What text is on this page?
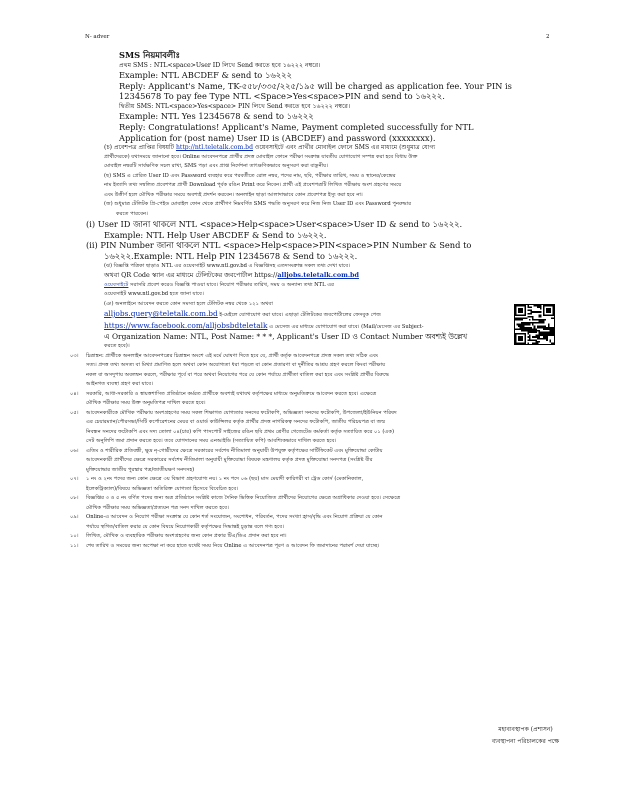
N- adver	2
SMS নিয়মাবলীঃ
প্রথম SMS : NTL<space>User ID লিখে Send করতে হবে ১৬২২২ নম্বরে।
Example: NTL ABCDEF & send to ১৬২২২
Reply: Applicant's Name, TK-৫৫৮/৩৩৫/২২৫/১৯৫ will be charged as application fee. Your PIN is
12345678 To pay fee Type NTL <Space>Yes<space>PIN and send to ১৬২২২.
দ্বিতীয় SMS: NTL<space>Yes<space> PIN লিখে Send করতে হবে ১৬২২২ নম্বরে।
Example: NTL Yes 12345678 & send to ১৬২২২
Reply: Congratulations! Applicant's Name, Payment completed successfully for NTL
Application for (post name) User ID is (ABCDEF) and password (xxxxxxxx).
(চ) প্রবেশপত্র প্রাপ্তির বিষয়টি http://ntl.teletalk.com.bd ওয়েবসাইটে এবং প্রার্থীর মোবাইল ফোনে SMS এর মাধ্যমে (শুধুমাত্র যোগ্য
প্রার্থীদেরকে) যথাসময়ে জানানো হবে। Online আবেদনপত্রে প্রার্থীর প্রদত্ত মোবাইল ফোনে পরীক্ষা সংক্রান্ত যাবতীয় যোগাযোগ সম্পন্ন করা হবে বিধায় উক্ত
মোবাইল নম্বরটি সার্বক্ষণিক সচল রাখা, SMS পড়া এবং প্রাপ্ত নির্দেশনা তাৎক্ষণিকভাবে অনুসরণ করা বাঞ্ছনীয়।
(ছ) SMS এ প্রেরিত User ID এবং Password ব্যবহার করে পরবর্তীতে রোল নম্বর, পদের নাম, ছবি, পরীক্ষার তারিখ, সময় ও স্থানের/কেন্দ্রের
নাম ইত্যাদি তথ্য সম্বলিত প্রবেশপত্র প্রার্থী Download পূর্বক রঙিন Print করে নিবেন। প্রার্থী এই প্রবেশপত্রটি লিখিত পরীক্ষায় অংশ গ্রহণের সময়ে
এবং উত্তীর্ণ হলে মৌখিক পরীক্ষার সময়ে অবশ্যই প্রদর্শন করবেন। অনলাইন ছাড়া আলাদাভাবে কোন প্রবেশপত্র ইস্যু করা হবে না।
(জ) শুধুমাত্র টেলিটক প্রি-পেইড মোবাইল ফোন থেকে প্রার্থীগণ নিম্নবর্ণিত SMS পদ্ধতি অনুসরণ করে নিজ নিজ User ID এবং Password পুনরুদ্ধার
করতে পারবেন।
(i) User ID জানা থাকলে NTL <space>Help<space>User<space>User ID & send to ১৬২২২.
Example: NTL Help User ABCDEF & Send to ১৬২২২.
(ii) PIN Number জানা থাকলে NTL <space>Help<space>PIN<space>PIN Number & Send to
১৬২২২.Example: NTL Help PIN 12345678 & Send to ১৬২২২.
(ঝ) বিজ্ঞপ্তি পত্রিকা ছাড়াও NTL এর ওয়েবসাইট www.ntl.gov.bd এ বিজ্ঞপ্তিসহ এতদসংক্রান্ত সকল তথ্য দেখা যাবে।
অথবা QR Code স্ক্যান এর মাধ্যমে টেলিটকের জবপোর্টাল https://alljobs.teletalk.com.bd
ওয়েবসাইটে সরাসরি প্রবেশ করেও বিজ্ঞপ্তি পাওয়া যাবে। নিয়োগ পরীক্ষার তারিখ, সময় ও অন্যান্য তথ্য NTL এর
ওয়েবসাইট www.ntl.gov.bd হতে জানা যাবে।
(ঞ) অনলাইনে আবেদন করতে কোন সমস্যা হলে টেলিটক নম্বর থেকে ১২১ অথবা
alljobs.query@teletalk.com.bd ই-মেইলে যোগাযোগ করা যাবে। এছাড়া টেলিটকের জবপোর্টালের ফেসবুক পেজ
https://www.facebook.com/alljobsbdteletalk এ মেসেজ এর মাধ্যমে যোগাযোগ করা যাবে। (Mail/মেসেজ এর Subject-
এ Organization Name: NTL, Post Name: * * *, Applicant's User ID ও Contact Number অবশ্যই উল্লেখ
করতে হবে)।
০৩। চিত্রাঙ্কন: প্রার্থীকে অনলাইন আবেদনপত্রের চিত্রাঙ্কন অংশে এই মর্মে ঘোষণা দিতে হবে যে, প্রার্থী কর্তৃক আবেদনপত্রে প্রদত্ত সকল তথ্য সঠিক এবং
সত্য। প্রদত্ত তথ্য অসত্য বা মিথ্যা প্রমাণিত হলে অথবা কোন অযোগ্যতা ধরা পড়লে বা কোন প্রতারণা বা দুর্নীতির আশ্রয় গ্রহণ করলে কিংবা পরীক্ষায়
নকল বা অসদুপায় অবলম্বন করলে, পরীক্ষার পূর্বে বা পরে অথবা নিয়োগের পরে যে কোন পর্যায়ে প্রার্থীতা বাতিল করা হবে এবং সংশ্লিষ্ট প্রার্থীর বিরুদ্ধে
আইনগত ব্যবস্থা গ্রহণ করা যাবে।
০৪। সরকারি, আধা-সরকারি ও স্বায়ত্তশাসিত প্রতিষ্ঠানে কর্মরত প্রার্থীকে অবশ্যই যথাযথ কর্তৃপক্ষের মাধ্যমে অনুমতিক্রমে আবেদন করতে হবে। এক্ষেত্রে
মৌখিক পরীক্ষার সময় উক্ত অনুমতিপত্র দাখিল করতে হবে।
০৫। আবেদনকারীকে মৌখিক পরীক্ষায় অংশগ্রহণের সময় সকল শিক্ষাগত যোগ্যতার সনদের ফটোকপি, অভিজ্ঞতা সনদের ফটোকপি, উপজেলা/ইউনিয়ন পরিষদ
এর চেয়ারম্যান/পৌরসভা/সিটি কর্পোরেশনের মেয়র বা ওয়ার্ড কাউন্সিলর কর্তৃক প্রার্থীর প্রদত্ত নাগরিকত্ব সনদের ফটোকপি, জাতীয় পরিচয়পত্র বা জন্ম
নিবন্ধন সনদের ফটোকপি এবং সদ্য তোলা ০৪(চার) কপি পাসপোর্ট সাইজের রঙিন ছবি প্রথম শ্রেণীর গেজেটেড কর্মকর্তা কর্তৃক সত্যায়িত করে ০১ (এক)
সেট অনুলিপি জমা প্রদান করতে হবে। তবে যোগদানের সময় এনআইডি (সত্যায়িত কপি) আবশ্যিকভাবে দাখিল করতে হবে।
০৬। এতিম ও শারীরিক প্রতিবন্ধী, ক্ষুদ্র নৃ-গোষ্ঠীদের ক্ষেত্রে সরকারের সর্বশেষ নীতিমালা অনুযায়ী উপযুক্ত কর্তৃপক্ষের সার্টিফিকেট এবং মুক্তিযোদ্ধা কোটায়
আবেদনকারী প্রার্থীদের ক্ষেত্রে সরকারের সর্বশেষ নীতিমালা অনুযায়ী মুক্তিযোদ্ধা বিষয়ক মন্ত্রণালয় কর্তৃক প্রদত্ত মুক্তিযোদ্ধা সনদপত্র (সংশ্লিষ্ট বীর
মুক্তিযোদ্ধার জাতীয় পুরস্কার পত্র/জাতীয়ক্ষণ সনদসহ)
০৭। ১ নং ও ২নং পদের জন্য কোন ক্ষেত্রে ৩য় বিভাগ গ্রহণযোগ্য নয়। ১ নং পদে ০৬ (ছয়) মাস মেয়াদী কারিগরী বা ট্রেড কোর্স (মেকানিক্যাল,
ইলেকট্রিক্যাল)/বিষয়ে অভিজ্ঞতা অতিরিক্ত যোগ্যতা হিসেবে বিবেচিত হবে।
০৮। বিজ্ঞপ্তির ৩ ও ৫ নং বর্ণিত পদের জন্য অত্র প্রতিষ্ঠানে সংশ্লিষ্ট কাজে দৈনিক ভিত্তিক নিয়োজিত প্রার্থীদের নিয়োগের ক্ষেত্রে অগ্রাধিকার দেওয়া হবে। সেক্ষেত্রে
মৌখিক পরীক্ষার সময় অভিজ্ঞতা/প্রত্যয়ন পত্র সনদ দাখিল করতে হবে।
০৯। Online-এ আবেদন ও নিয়োগ পরীক্ষা সংক্রান্ত যে কোন শর্ত সংযোজন, সংশোধন, পরিবর্তন, পদের সংখ্যা হ্রাস/বৃদ্ধি এবং নিয়োগ প্রক্রিয়া যে কোন
পর্যায়ে স্থগিত/বাতিল করার যে কোন বিষয়ে নিয়োগকারী কর্তৃপক্ষের সিদ্ধান্তই চূড়ান্ত বলে গণ্য হবে।
১০। লিখিত, মৌখিক ও ব্যবহারিক পরীক্ষায় অংশগ্রহণের জন্য কোন প্রকার টিএ/ডিএ প্রদান করা হবে না।
১১। শেষ তারিখ ও সময়ের জন্য অপেক্ষা না করে হাতে যথেষ্ট সময় নিয়ে Online এ আবেদনপত্র পূরণ ও আবেদন ফি জমাদানের পরামর্শ দেয়া যাচ্ছে।
মহাব্যবস্থাপক (প্রশাসন)
ব্যবস্থাপনা পরিচালকের পক্ষে
